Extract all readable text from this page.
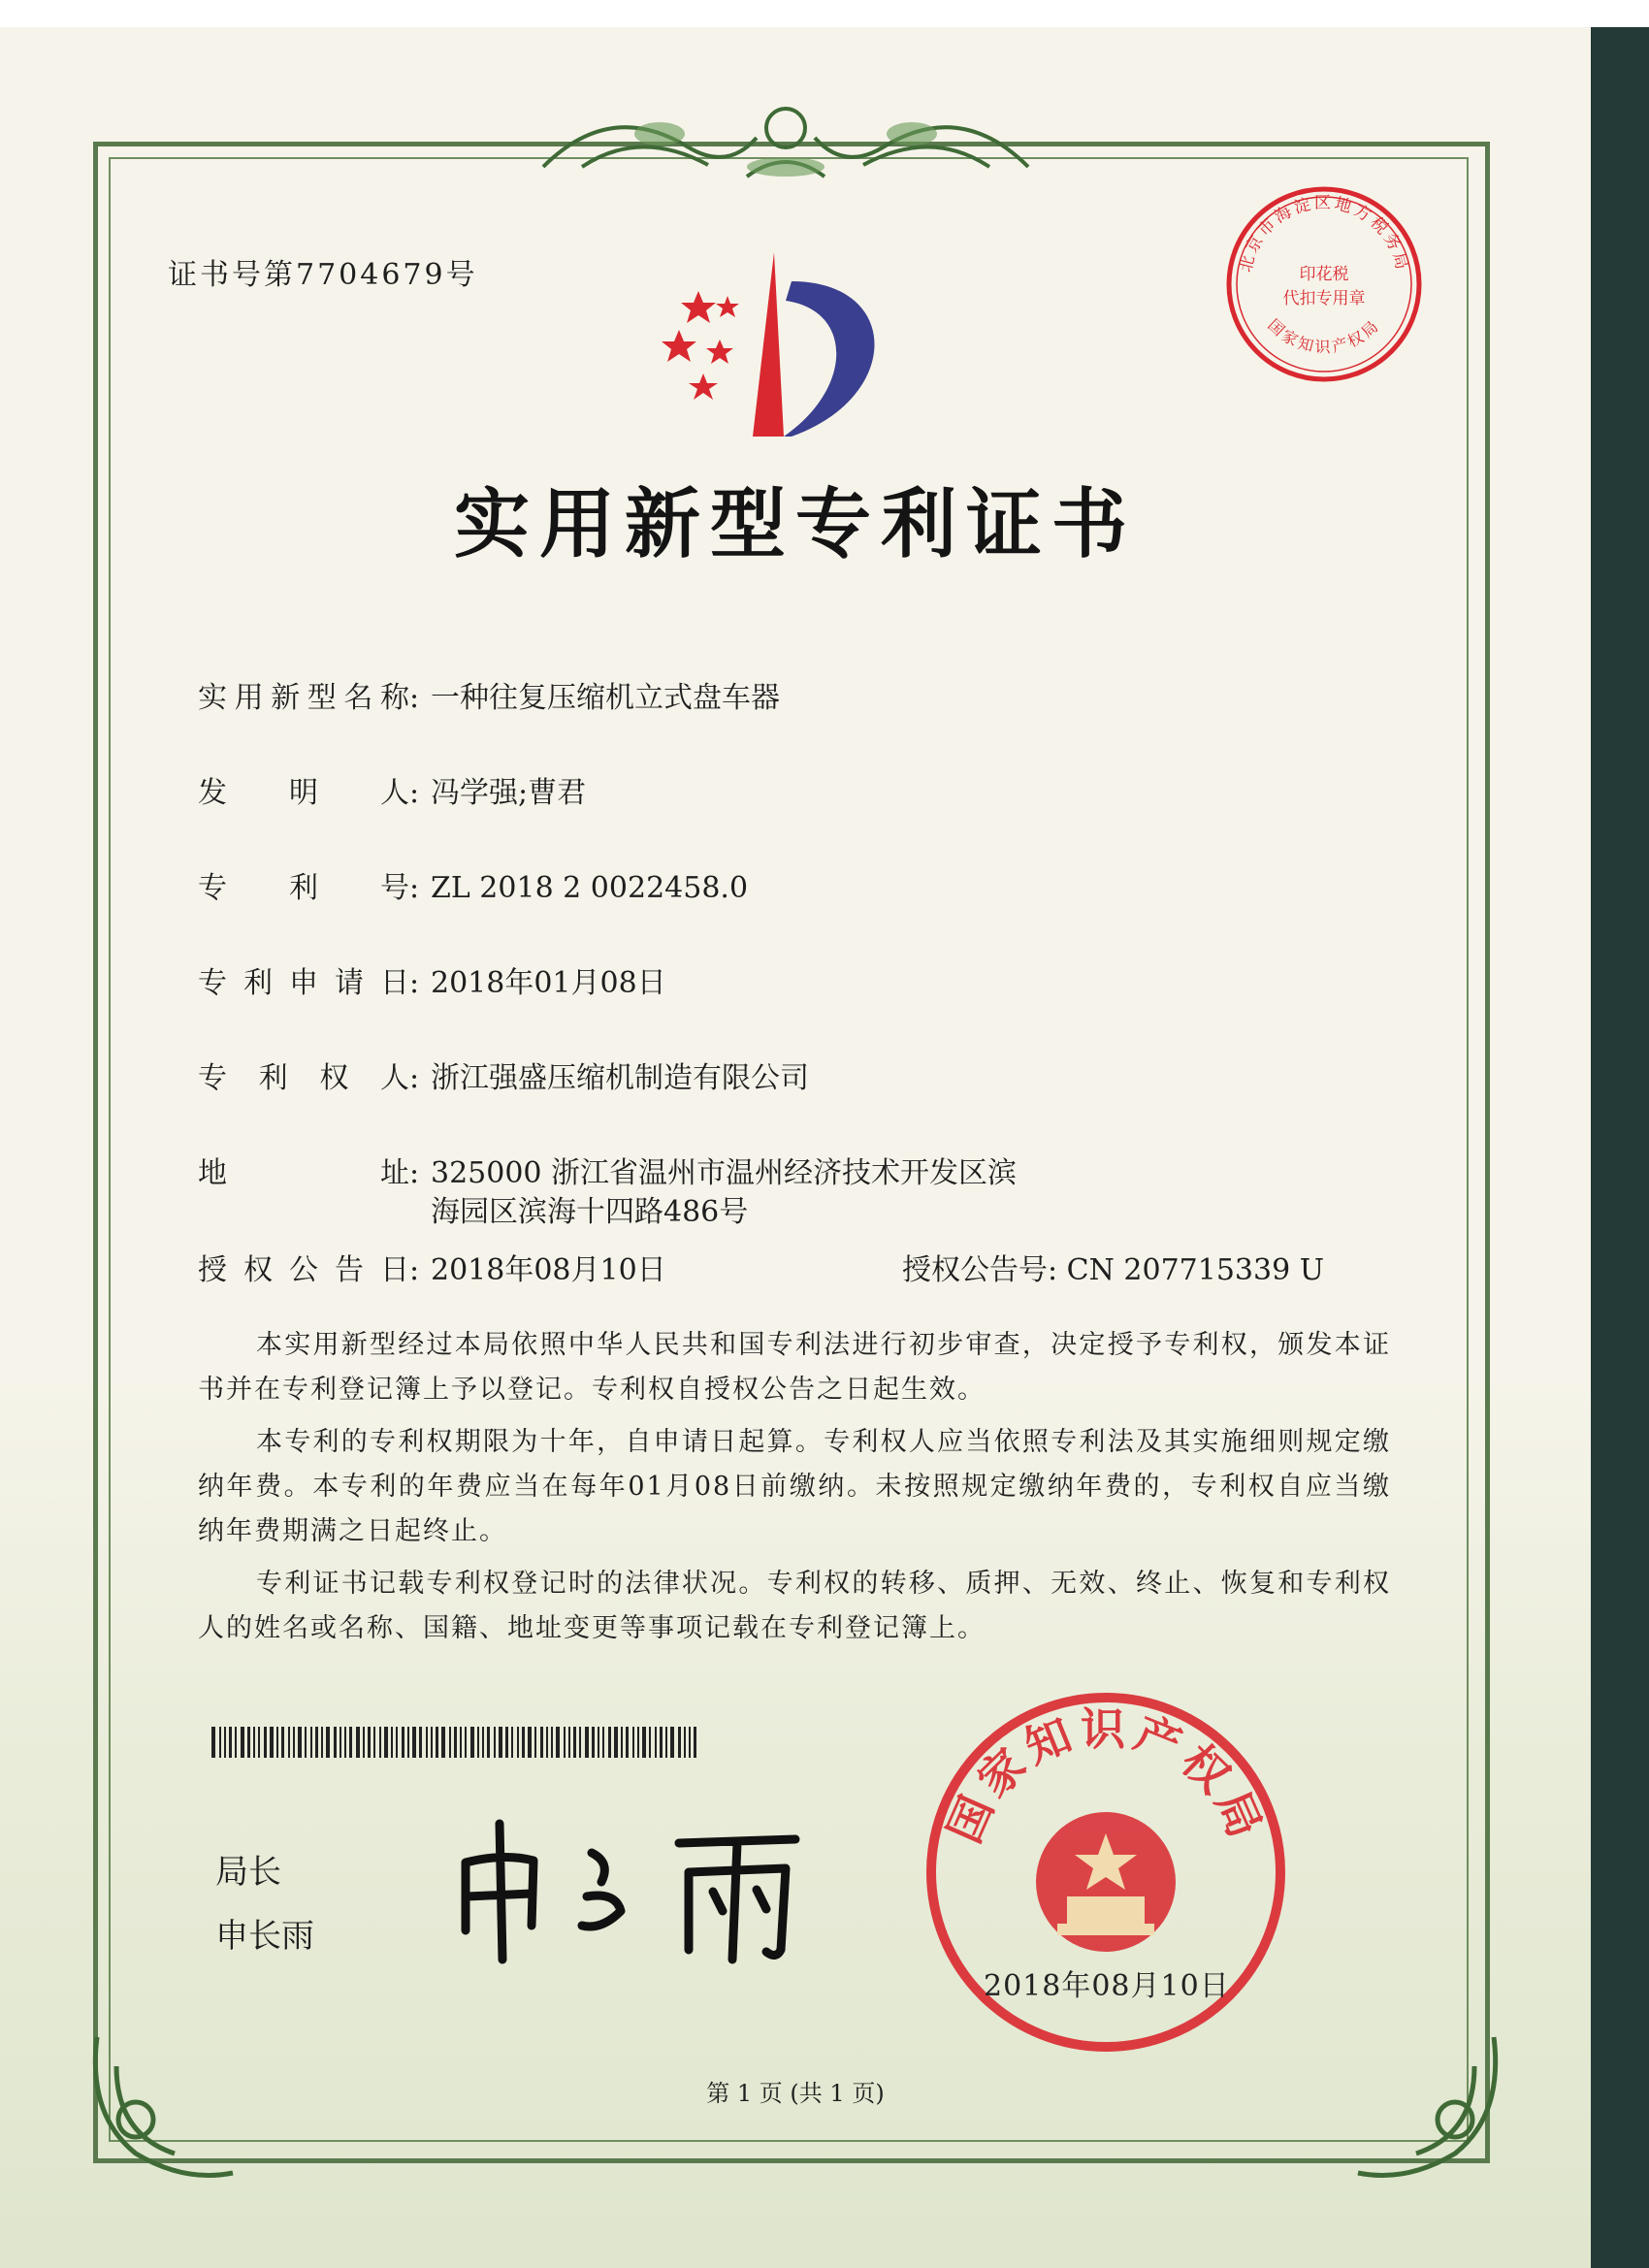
证书号第7704679号	北京市海淀区地方税务局
印花税
代扣专用章
国家知识产权局
实用新型专利证书
实用新型名称: 一种往复压缩机立式盘车器
发明人: 冯学强;曹君
专利号: ZL 2018 2 0022458.0
专利申请日: 2018年01月08日
专利权人: 浙江强盛压缩机制造有限公司
地址: 325000 浙江省温州市温州经济技术开发区滨海园区滨海十四路486号
授权公告日: 2018年08月10日	授权公告号: CN 207715339 U
本实用新型经过本局依照中华人民共和国专利法进行初步审查，决定授予专利权，颁发本证书并在专利登记簿上予以登记。专利权自授权公告之日起生效。
本专利的专利权期限为十年，自申请日起算。专利权人应当依照专利法及其实施细则规定缴纳年费。本专利的年费应当在每年01月08日前缴纳。未按照规定缴纳年费的，专利权自应当缴纳年费期满之日起终止。
专利证书记载专利权登记时的法律状况。专利权的转移、质押、无效、终止、恢复和专利权人的姓名或名称、国籍、地址变更等事项记载在专利登记簿上。
局长
申长雨
国家知识产权局
2018年08月10日
第 1 页 (共 1 页)
